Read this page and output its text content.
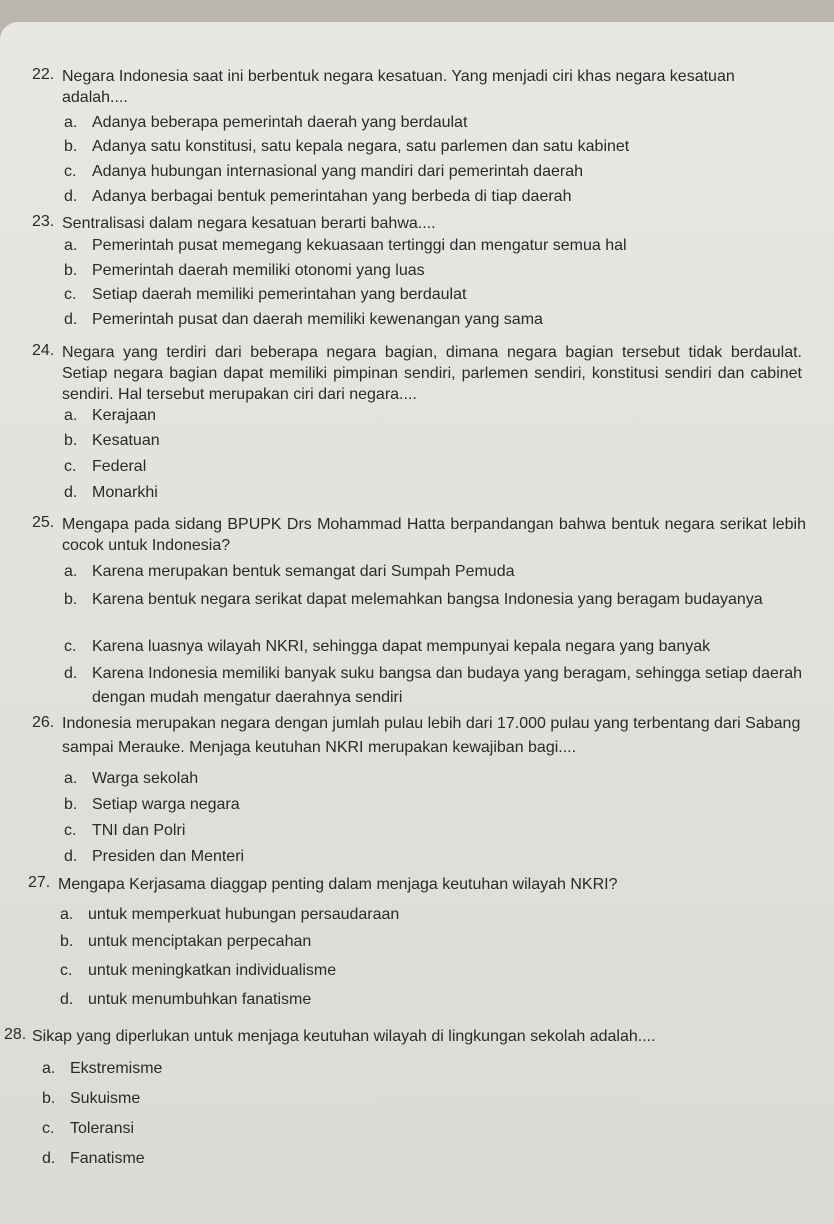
22. Negara Indonesia saat ini berbentuk negara kesatuan. Yang menjadi ciri khas negara kesatuan adalah....
a. Adanya beberapa pemerintah daerah yang berdaulat
b. Adanya satu konstitusi, satu kepala negara, satu parlemen dan satu kabinet
c. Adanya hubungan internasional yang mandiri dari pemerintah daerah
d. Adanya berbagai bentuk pemerintahan yang berbeda di tiap daerah
23. Sentralisasi dalam negara kesatuan berarti bahwa....
a. Pemerintah pusat memegang kekuasaan tertinggi dan mengatur semua hal
b. Pemerintah daerah memiliki otonomi yang luas
c. Setiap daerah memiliki pemerintahan yang berdaulat
d. Pemerintah pusat dan daerah memiliki kewenangan yang sama
24. Negara yang terdiri dari beberapa negara bagian, dimana negara bagian tersebut tidak berdaulat. Setiap negara bagian dapat memiliki pimpinan sendiri, parlemen sendiri, konstitusi sendiri dan cabinet sendiri. Hal tersebut merupakan ciri dari negara....
a. Kerajaan
b. Kesatuan
c. Federal
d. Monarkhi
25. Mengapa pada sidang BPUPK Drs Mohammad Hatta berpandangan bahwa bentuk negara serikat lebih cocok untuk Indonesia?
a. Karena merupakan bentuk semangat dari Sumpah Pemuda
b. Karena bentuk negara serikat dapat melemahkan bangsa Indonesia yang beragam budayanya
c. Karena luasnya wilayah NKRI, sehingga dapat mempunyai kepala negara yang banyak
d. Karena Indonesia memiliki banyak suku bangsa dan budaya yang beragam, sehingga setiap daerah dengan mudah mengatur daerahnya sendiri
26. Indonesia merupakan negara dengan jumlah pulau lebih dari 17.000 pulau yang terbentang dari Sabang sampai Merauke. Menjaga keutuhan NKRI merupakan kewajiban bagi....
a. Warga sekolah
b. Setiap warga negara
c. TNI dan Polri
d. Presiden dan Menteri
27. Mengapa Kerjasama diaggap penting dalam menjaga keutuhan wilayah NKRI?
a. untuk memperkuat hubungan persaudaraan
b. untuk menciptakan perpecahan
c. untuk meningkatkan individualisme
d. untuk menumbuhkan fanatisme
28. Sikap yang diperlukan untuk menjaga keutuhan wilayah di lingkungan sekolah adalah....
a. Ekstremisme
b. Sukuisme
c. Toleransi
d. Fanatisme
